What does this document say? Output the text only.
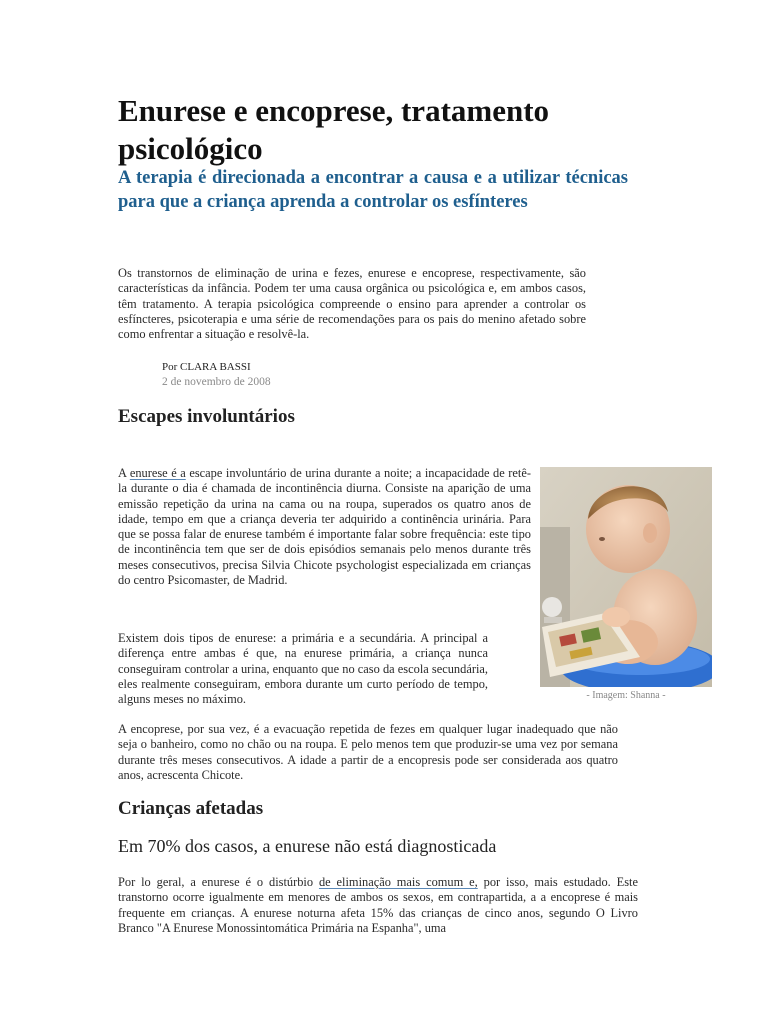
Enurese e encoprese, tratamento psicológico

A terapia é direcionada a encontrar a causa e a utilizar técnicas para que a criança aprenda a controlar os esfínteres

Os transtornos de eliminação de urina e fezes, enurese e encoprese, respectivamente, são características da infância. Podem ter uma causa orgânica ou psicológica e, em ambos casos, têm tratamento. A terapia psicológica compreende o ensino para aprender a controlar os esfíncteres, psicoterapia e uma série de recomendações para os pais do menino afetado sobre como enfrentar a situação e resolvê-la.

Por CLARA BASSI
2 de novembro de 2008
Escapes involuntários

A enurese é a escape involuntário de urina durante a noite; a incapacidade de retê-la durante o dia é chamada de incontinência diurna. Consiste na aparição de uma emissão repetição da urina na cama ou na roupa, superados os quatro anos de idade, tempo em que a criança deveria ter adquirido a continência urinária. Para que se possa falar de enurese também é importante falar sobre frequência: este tipo de incontinência tem que ser de dois episódios semanais pelo menos durante três meses consecutivos, precisa Silvia Chicote psychologist especializada em crianças do centro Psicomaster, de Madrid.

- Imagem: Shanna -

Existem dois tipos de enurese: a primária e a secundária. A principal a diferença entre ambas é que, na enurese primária, a criança nunca conseguiram controlar a urina, enquanto que no caso da escola secundária, eles realmente conseguiram, embora durante um curto período de tempo, alguns meses no máximo.

A encoprese, por sua vez, é a evacuação repetida de fezes em qualquer lugar inadequado que não seja o banheiro, como no chão ou na roupa. E pelo menos tem que produzir-se uma vez por semana durante três meses consecutivos. A idade a partir de a encopresis pode ser considerada aos quatro anos, acrescenta Chicote.

Crianças afetadas
Em 70% dos casos, a enurese não está diagnosticada

Por lo geral, a enurese é o distúrbio de eliminação mais comum e, por isso, mais estudado. Este transtorno ocorre igualmente em menores de ambos os sexos, em contrapartida, a a encoprese é mais frequente em crianças. A enurese noturna afeta 15% das crianças de cinco anos, segundo O Livro Branco "A Enurese Monossintomática Primária na Espanha", uma
